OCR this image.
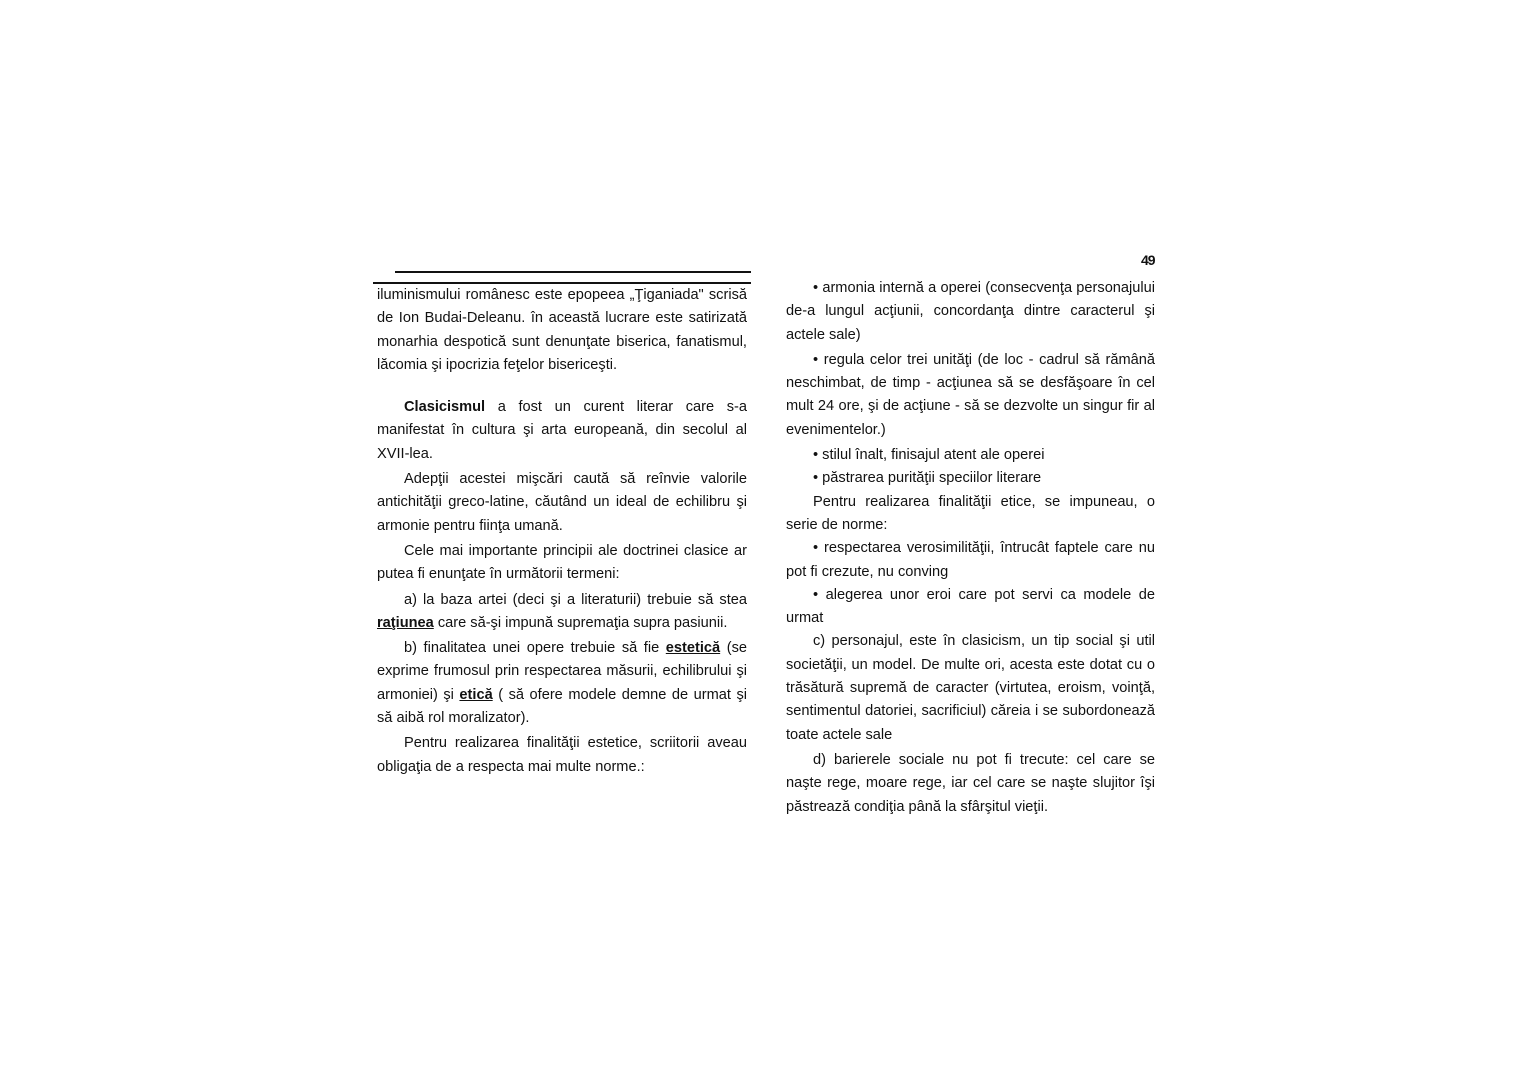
49

iluminismului românesc este epopeea „Ţiganiada" scrisă de Ion Budai-Deleanu. în această lucrare este satirizată monarhia despotică sunt denunţate biserica, fanatismul, lăcomia şi ipocrizia feţelor bisericeşti.

Clasicismul a fost un curent literar care s-a manifestat în cultura şi arta europeană, din secolul al XVII-lea.

Adepţii acestei mişcări caută să reînvie valorile antichităţii greco-latine, căutând un ideal de echilibru şi armonie pentru fiinţa umană.

Cele mai importante principii ale doctrinei clasice ar putea fi enunţate în următorii termeni:

a) la baza artei (deci şi a literaturii) trebuie să stea raţiunea care să-şi impună supremaţia supra pasiunii.

b) finalitatea unei opere trebuie să fie estetică (se exprime frumosul prin respectarea măsurii, echilibrului şi armoniei) şi etică ( să ofere modele demne de urmat şi să aibă rol moralizator).

Pentru realizarea finalităţii estetice, scriitorii aveau obligaţia de a respecta mai multe norme.:

• armonia internă a operei (consecvenţa personajului de-a lungul acţiunii, concordanţa dintre caracterul şi actele sale)

• regula celor trei unităţi (de loc - cadrul să rămână neschimbat, de timp - acţiunea să se desfăşoare în cel mult 24 ore, şi de acţiune - să se dezvolte un singur fir al evenimentelor.)

• stilul înalt, finisajul atent ale operei

• păstrarea purităţii speciilor literare

Pentru realizarea finalităţii etice, se impuneau, o serie de norme:

• respectarea verosimilităţii, întrucât faptele care nu pot fi crezute, nu conving

• alegerea unor eroi care pot servi ca modele de urmat

c) personajul, este în clasicism, un tip social şi util societăţii, un model. De multe ori, acesta este dotat cu o trăsătură supremă de caracter (virtutea, eroism, voinţă, sentimentul datoriei, sacrificiul) căreia i se subordonează toate actele sale

d) barierele sociale nu pot fi trecute: cel care se naşte rege, moare rege, iar cel care se naşte slujitor îşi păstrează condiţia până la sfârşitul vieţii.
